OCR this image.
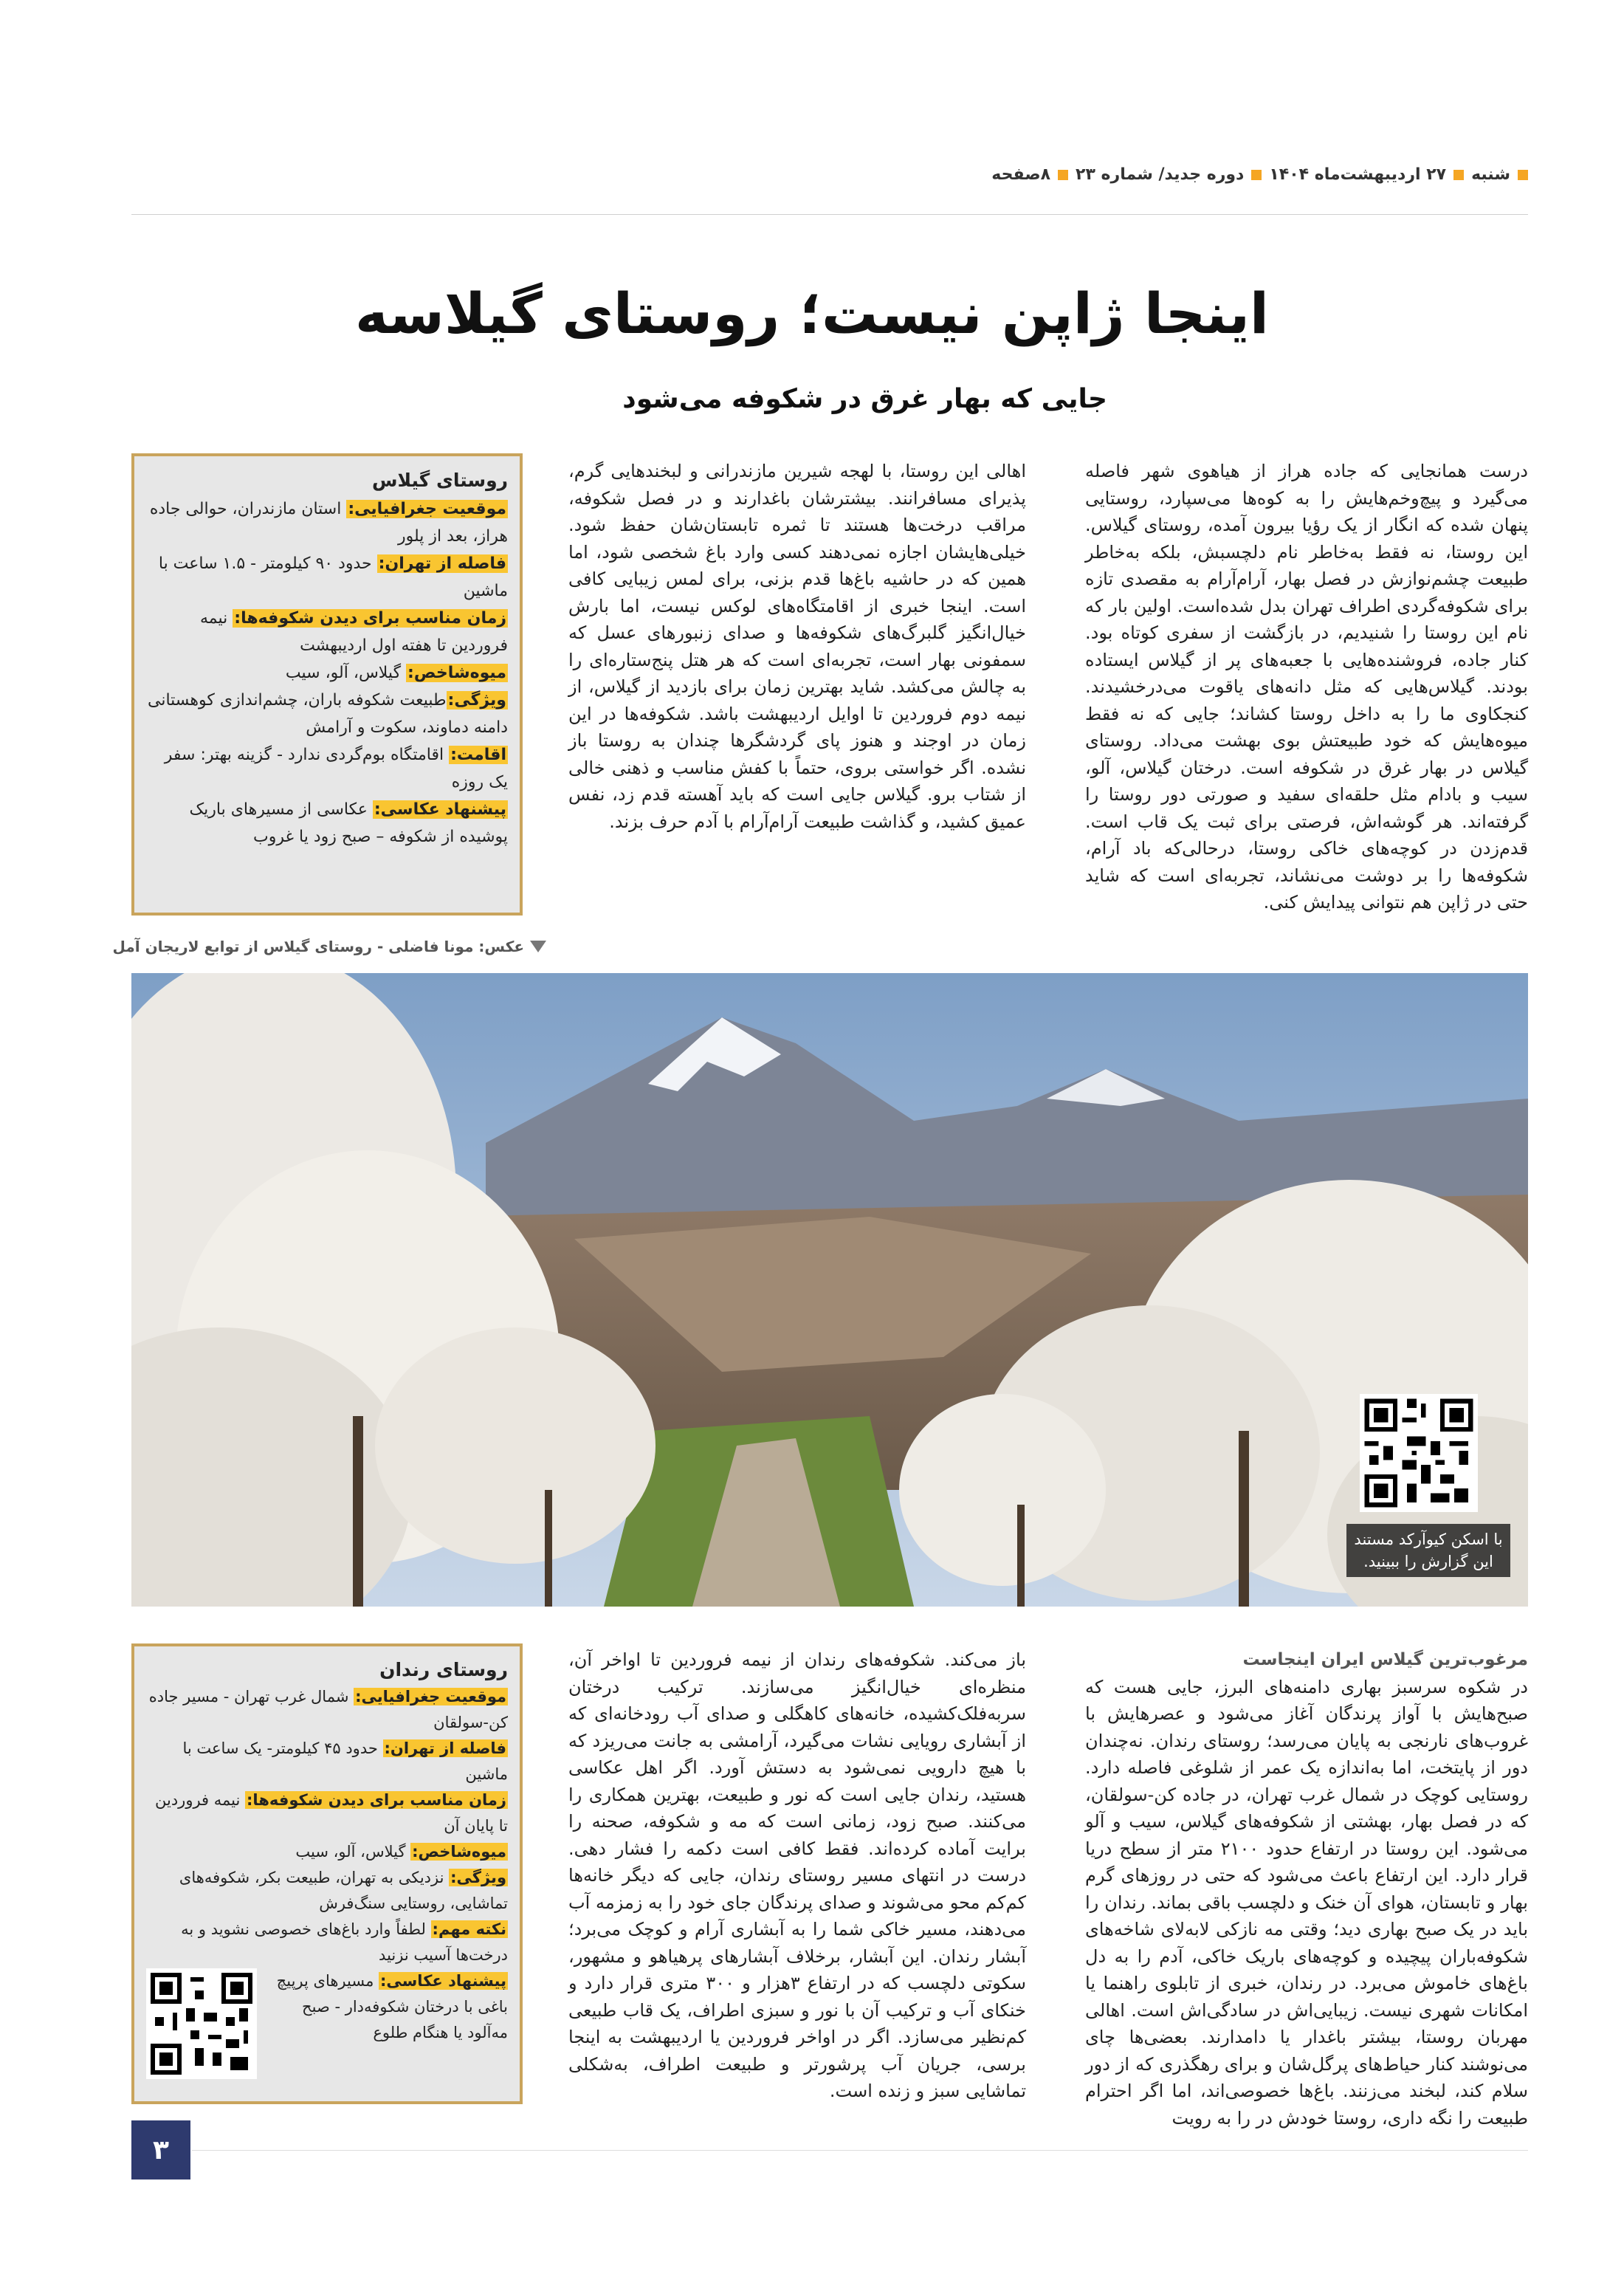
شنبه
۲۷ اردیبهشت‌ماه ۱۴۰۴
دوره جدید/ شماره ۲۳
۸صفحه
اینجا ژاپن نیست؛ روستای گیلاسه
جایی که بهار غرق در شکوفه می‌شود

درست همانجایی که جاده هراز از هیاهوی شهر فاصله می‌گیرد و پیچ‌وخم‌هایش را به کوه‌ها می‌سپارد، روستایی پنهان شده که انگار از یک رؤیا بیرون آمده، روستای گیلاس. این روستا، نه فقط به‌خاطر نام دلچسبش، بلکه به‌خاطر طبیعت چشم‌نوازش در فصل بهار، آرام‌آرام به مقصدی تازه برای شکوفه‌گردی اطراف تهران بدل شده‌است. اولین بار که نام این روستا را شنیدیم، در بازگشت از سفری کوتاه بود. کنار جاده، فروشنده‌هایی با جعبه‌های پر از گیلاس ایستاده بودند. گیلاس‌هایی که مثل دانه‌های یاقوت می‌درخشیدند. کنجکاوی ما را به داخل روستا کشاند؛ جایی که نه فقط میوه‌هایش که خود طبیعتش بوی بهشت می‌داد. روستای گیلاس در بهار غرق در شکوفه است. درختان گیلاس، آلو، سیب و بادام مثل حلقه‌ای سفید و صورتی دور روستا را گرفته‌اند. هر گوشه‌اش، فرصتی برای ثبت یک قاب است. قدم‌زدن در کوچه‌های خاکی روستا، درحالی‌که باد آرام، شکوفه‌ها را بر دوشت می‌نشاند، تجربه‌ای است که شاید حتی در ژاپن هم نتوانی پیدایش کنی.

اهالی این روستا، با لهجه شیرین مازندرانی و لبخندهایی گرم، پذیرای مسافرانند. بیشترشان باغدارند و در فصل شکوفه، مراقب درخت‌ها هستند تا ثمره تابستان‌شان حفظ شود. خیلی‌هایشان اجازه نمی‌دهند کسی وارد باغ شخصی شود، اما همین که در حاشیه باغ‌ها قدم بزنی، برای لمس زیبایی کافی است. اینجا خبری از اقامتگاه‌های لوکس نیست، اما بارش خیال‌انگیز گلبرگ‌های شکوفه‌ها و صدای زنبورهای عسل که سمفونی بهار است، تجربه‌ای است که هر هتل پنج‌ستاره‌ای را به چالش می‌کشد. شاید بهترین زمان برای بازدید از گیلاس، از نیمه دوم فروردین تا اوایل اردیبهشت باشد. شکوفه‌ها در این زمان در اوجند و هنوز پای گردشگرها چندان به روستا باز نشده. اگر خواستی بروی، حتماً با کفش مناسب و ذهنی خالی از شتاب برو. گیلاس جایی است که باید آهسته قدم زد، نفس عمیق کشید، و گذاشت طبیعت آرام‌آرام با آدم حرف بزند.

روستای گیلاس
موقعیت جغرافیایی: استان مازندران، حوالی جاده هراز، بعد از پلور
فاصله از تهران: حدود ۹۰ کیلومتر - ۱.۵ ساعت با ماشین
زمان مناسب برای دیدن شکوفه‌ها: نیمه فروردین تا هفته اول اردیبهشت
میوه‌شاخص: گیلاس، آلو، سیب
ویژگی:طبیعت شکوفه باران، چشم‌اندازی کوهستانی دامنه دماوند، سکوت و آرامش
اقامت: اقامتگاه بوم‌گردی ندارد - گزینه بهتر: سفر یک روزه
پیشنهاد عکاسی: عکاسی از مسیرهای باریک پوشیده از شکوفه – صبح زود یا غروب
عکس: مونا فاضلی - روستای گیلاس از توابع لاریجان آمل
با اسکن کیوآرکد مستند این گزارش را ببینید.

مرغوب‌ترین گیلاس ایران اینجاست

در شکوه سرسبز بهاری دامنه‌های البرز، جایی هست که صبح‌هایش با آواز پرندگان آغاز می‌شود و عصرهایش با غروب‌های نارنجی به پایان می‌رسد؛ روستای رندان. نه‌چندان دور از پایتخت، اما به‌اندازه یک عمر از شلوغی فاصله دارد. روستایی کوچک در شمال غرب تهران، در جاده کن-سولقان، که در فصل بهار، بهشتی از شکوفه‌های گیلاس، سیب و آلو می‌شود. این روستا در ارتفاع حدود ۲۱۰۰ متر از سطح دریا قرار دارد. این ارتفاع باعث می‌شود که حتی در روزهای گرم بهار و تابستان، هوای آن خنک و دلچسب باقی بماند. رندان را باید در یک صبح بهاری دید؛ وقتی مه نازکی لابه‌لای شاخه‌های شکوفه‌باران پیچیده و کوچه‌های باریک خاکی، آدم را به دل باغ‌های خاموش می‌برد. در رندان، خبری از تابلوی راهنما یا امکانات شهری نیست. زیبایی‌اش در سادگی‌اش است. اهالی مهربان روستا، بیشتر باغدار یا دامدارند. بعضی‌ها چای می‌نوشند کنار حیاط‌های پرگل‌شان و برای رهگذری که از دور سلام کند، لبخند می‌زنند. باغ‌ها خصوصی‌اند، اما اگر احترام طبیعت را نگه داری، روستا خودش در را به رویت

باز می‌کند. شکوفه‌های رندان از نیمه فروردین تا اواخر آن، منظره‌ای خیال‌انگیز می‌سازند. ترکیب درختان سربه‌فلک‌کشیده، خانه‌های کاهگلی و صدای آب رودخانه‌ای که از آبشاری رویایی نشات می‌گیرد، آرامشی به جانت می‌ریزد که با هیچ دارویی نمی‌شود به دستش آورد. اگر اهل عکاسی هستید، رندان جایی است که نور و طبیعت، بهترین همکاری را می‌کنند. صبح زود، زمانی است که مه و شکوفه، صحنه را برایت آماده کرده‌اند. فقط کافی است دکمه را فشار دهی. درست در انتهای مسیر روستای رندان، جایی که دیگر خانه‌ها کم‌کم محو می‌شوند و صدای پرندگان جای خود را به زمزمه آب می‌دهند، مسیر خاکی شما را به آبشاری آرام و کوچک می‌برد؛ آبشار رندان. این آبشار، برخلاف آبشارهای پرهیاهو و مشهور، سکوتی دلچسب که در ارتفاع ۳هزار و ۳۰۰ متری قرار دارد و خنکای آب و ترکیب آن با نور و سبزی اطراف، یک قاب طبیعی کم‌نظیر می‌سازد. اگر در اواخر فروردین یا اردیبهشت به اینجا برسی، جریان آب پرشورتر و طبیعت اطراف، به‌شکلی تماشایی سبز و زنده است.

روستای رندان
موقعیت جغرافیایی: شمال غرب تهران - مسیر جاده کن-سولقان
فاصله از تهران: حدود ۴۵ کیلومتر- یک ساعت با ماشین
زمان مناسب برای دیدن شکوفه‌ها: نیمه فروردین تا پایان آن
میوه‌شاخص: گیلاس، آلو، سیب
ویژگی: نزدیکی به تهران، طبیعت بکر، شکوفه‌های تماشایی، روستایی سنگ‌فرش
نکته مهم: لطفاً وارد باغ‌های خصوصی نشوید و به درخت‌ها آسیب نزنید
پیشنهاد عکاسی: مسیرهای پرپیچ باغی با درختان شکوفه‌دار - صبح مه‌آلود یا هنگام طلوع
۳
